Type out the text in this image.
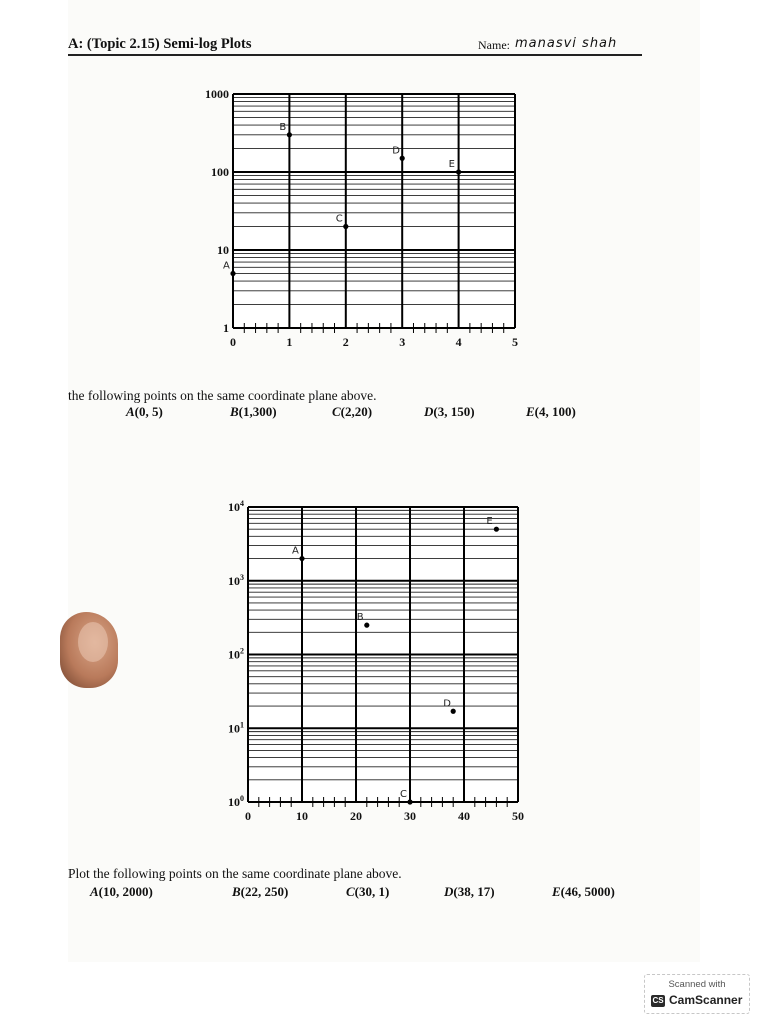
A: (Topic 2.15) Semi-log Plots	Name: manasvi shah
0	1	2	3	4	5
1
10
100
1000
A
B
C
D
E
the following points on the same coordinate plane above.
A(0, 5)	B(1,300)	C(2,20)	D(3, 150)	E(4, 100)
0	10	20	30	40	50
$10^0$
$10^1$
$10^2$
$10^3$
$10^4$
A
B
C
D
E
Plot the following points on the same coordinate plane above.
A(10, 2000)	B(22, 250)	C(30, 1)	D(38, 17)	E(46, 5000)
Scanned with
CS CamScanner
